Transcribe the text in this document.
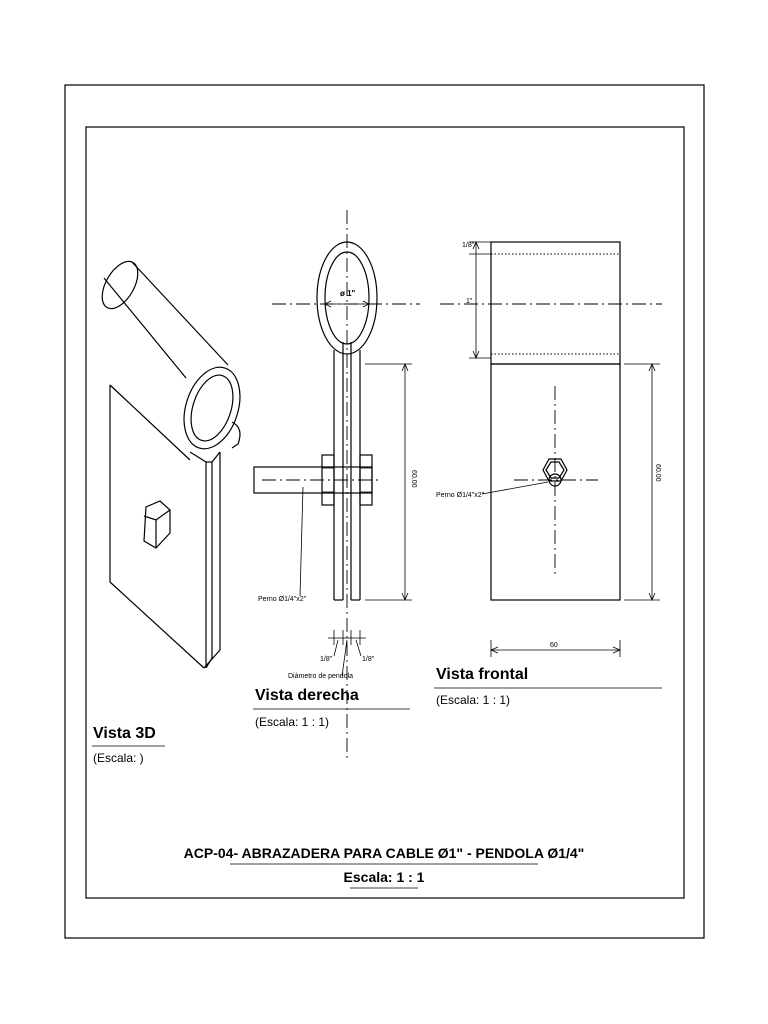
Vista 3D
(Escala: )
ø 1"
Perno Ø1/4"x2"
60.00
1/8"	1/8"
Diámetro de pendola
Vista derecha
(Escala: 1 : 1)
1/8"
1"
Perno Ø1/4"x2"
60.00
60
Vista frontal
(Escala: 1 : 1)
ACP-04- ABRAZADERA PARA CABLE Ø1" - PENDOLA Ø1/4"
Escala: 1 : 1
